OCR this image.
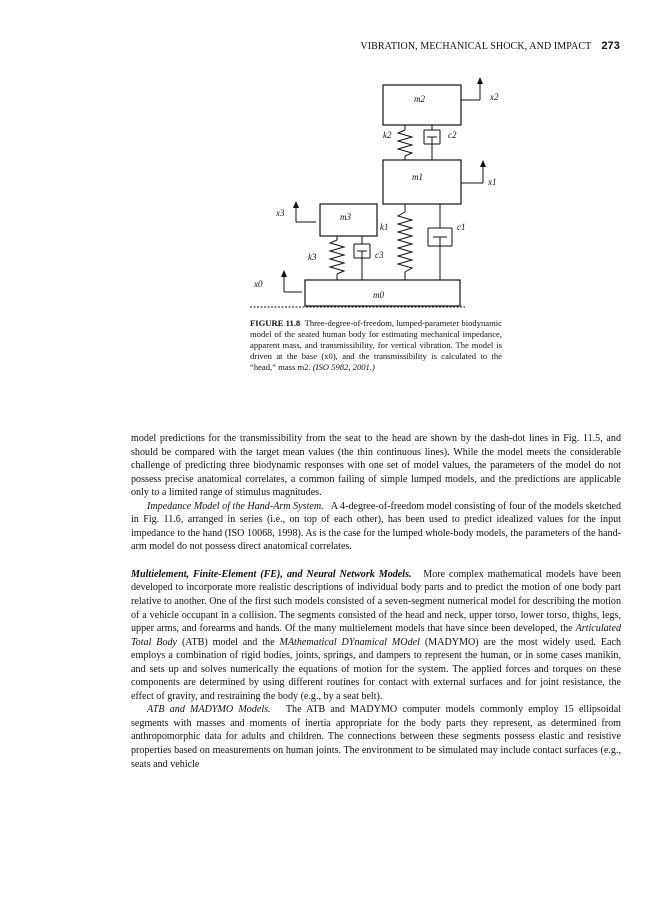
VIBRATION, MECHANICAL SHOCK, AND IMPACT 273
m0
x0
m1	x1
k1	c1
m2	x2
k2	c2
m3
x3
k3	c3
FIGURE 11.8 Three-degree-of-freedom, lumped-parameter biodynamic model of the seated human body for estimating mechanical impedance, apparent mass, and transmissibility, for vertical vibration. The model is driven at the base (x0), and the transmissibility is calculated to the “head,” mass m2. (ISO 5982, 2001.)

model predictions for the transmissibility from the seat to the head are shown by the dash-dot lines in Fig. 11.5, and should be compared with the target mean values (the thin continuous lines). While the model meets the considerable challenge of predicting three biodynamic responses with one set of model values, the parameters of the model do not possess precise anatomical correlates, a common failing of simple lumped models, and the predictions are applicable only to a limited range of stimulus magnitudes.

Impedance Model of the Hand-Arm System. A 4-degree-of-freedom model consisting of four of the models sketched in Fig. 11.6, arranged in series (i.e., on top of each other), has been used to predict idealized values for the input impedance to the hand (ISO 10068, 1998). As is the case for the lumped whole-body models, the parameters of the hand-arm model do not possess direct anatomical correlates.

Multielement, Finite-Element (FE), and Neural Network Models. More complex mathematical models have been developed to incorporate more realistic descriptions of individual body parts and to predict the motion of one body part relative to another. One of the first such models consisted of a seven-segment numerical model for describing the motion of a vehicle occupant in a collision. The segments consisted of the head and neck, upper torso, lower torso, thighs, legs, upper arms, and forearms and hands. Of the many multielement models that have since been developed, the Articulated Total Body (ATB) model and the MAthematical DYnamical MOdel (MADYMO) are the most widely used. Each employs a combination of rigid bodies, joints, springs, and dampers to represent the human, or in some cases manikin, and sets up and solves numerically the equations of motion for the system. The applied forces and torques on these components are determined by using different routines for contact with external surfaces and for joint resistance, the effect of gravity, and restraining the body (e.g., by a seat belt).

ATB and MADYMO Models. The ATB and MADYMO computer models commonly employ 15 ellipsoidal segments with masses and moments of inertia appropriate for the body parts they represent, as determined from anthropomorphic data for adults and children. The connections between these segments possess elastic and resistive properties based on measurements on human joints. The environment to be simulated may include contact surfaces (e.g., seats and vehicle
